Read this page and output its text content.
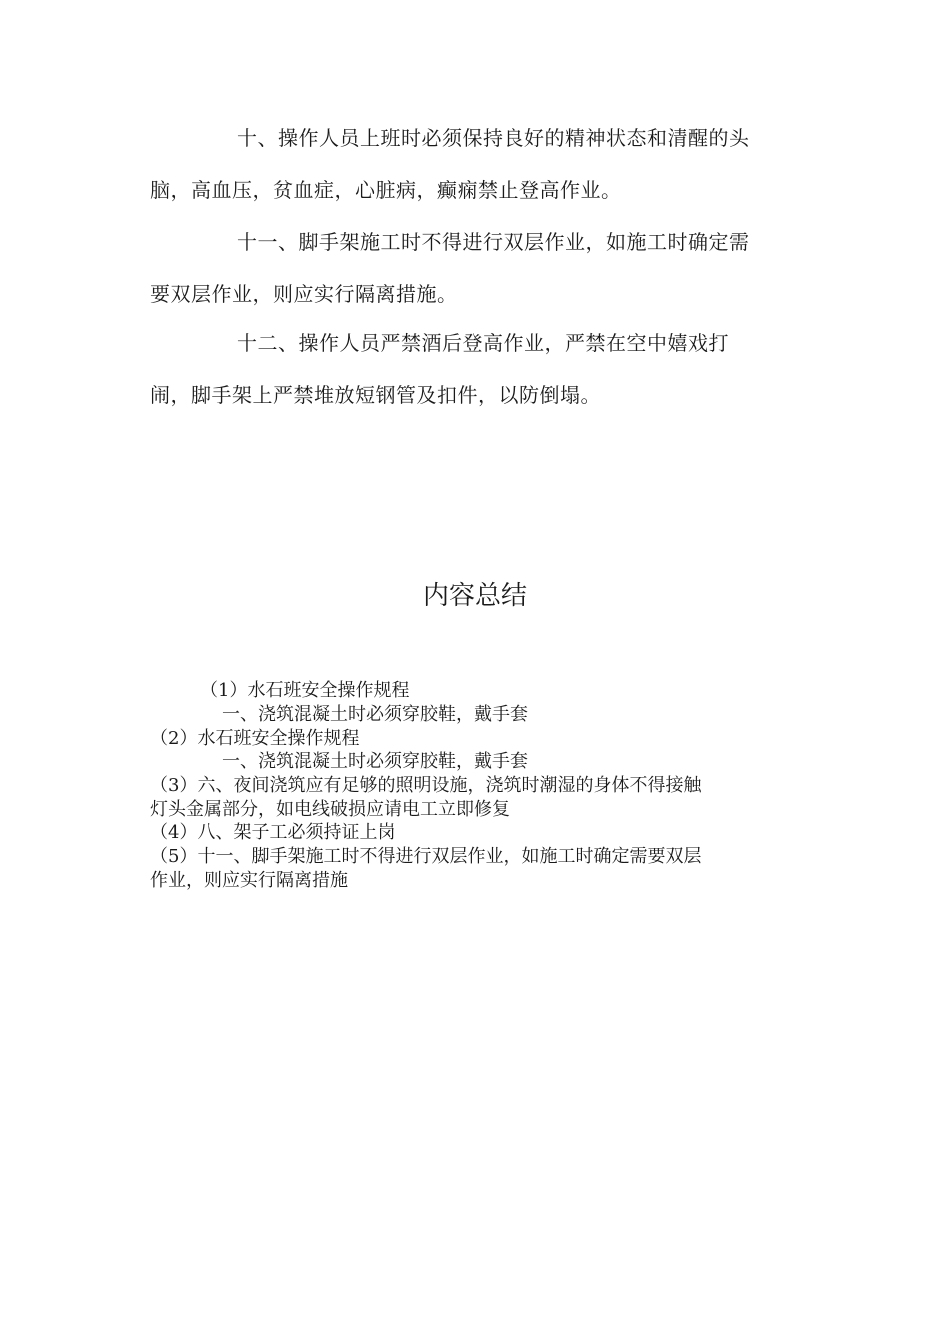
十、操作人员上班时必须保持良好的精神状态和清醒的头
脑，高血压，贫血症，心脏病，癫痫禁止登高作业。
十一、脚手架施工时不得进行双层作业，如施工时确定需
要双层作业，则应实行隔离措施。
十二、操作人员严禁酒后登高作业，严禁在空中嬉戏打
闹，脚手架上严禁堆放短钢管及扣件，以防倒塌。
内容总结
（1）水石班安全操作规程
一、浇筑混凝土时必须穿胶鞋，戴手套
（2）水石班安全操作规程
一、浇筑混凝土时必须穿胶鞋，戴手套
（3）六、夜间浇筑应有足够的照明设施，浇筑时潮湿的身体不得接触
灯头金属部分，如电线破损应请电工立即修复
（4）八、架子工必须持证上岗
（5）十一、脚手架施工时不得进行双层作业，如施工时确定需要双层
作业，则应实行隔离措施
